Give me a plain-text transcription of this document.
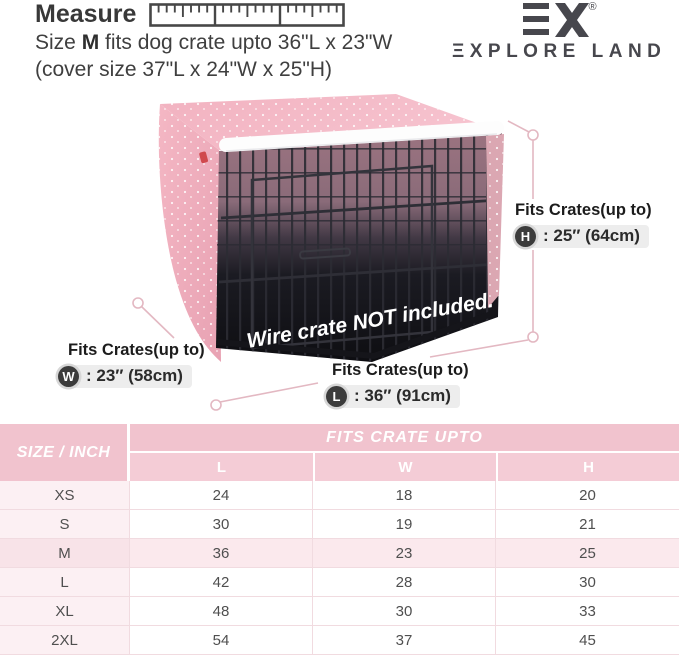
Measure
Size M fits dog crate upto 36"L x 23"W
(cover size 37"L x 24"W x 25"H)
®
ΞXPLORE LAND
Wire crate NOT included.
Fits Crates(up to)
H : 25″ (64cm)
Fits Crates(up to)
W : 23″ (58cm)	Fits Crates(up to)
L : 36″ (91cm)
SIZE / INCH
FITS CRATE UPTO
L	W	H
XS	24	18	20
S	30	19	21
M	36	23	25
L	42	28	30
XL	48	30	33
2XL	54	37	45
